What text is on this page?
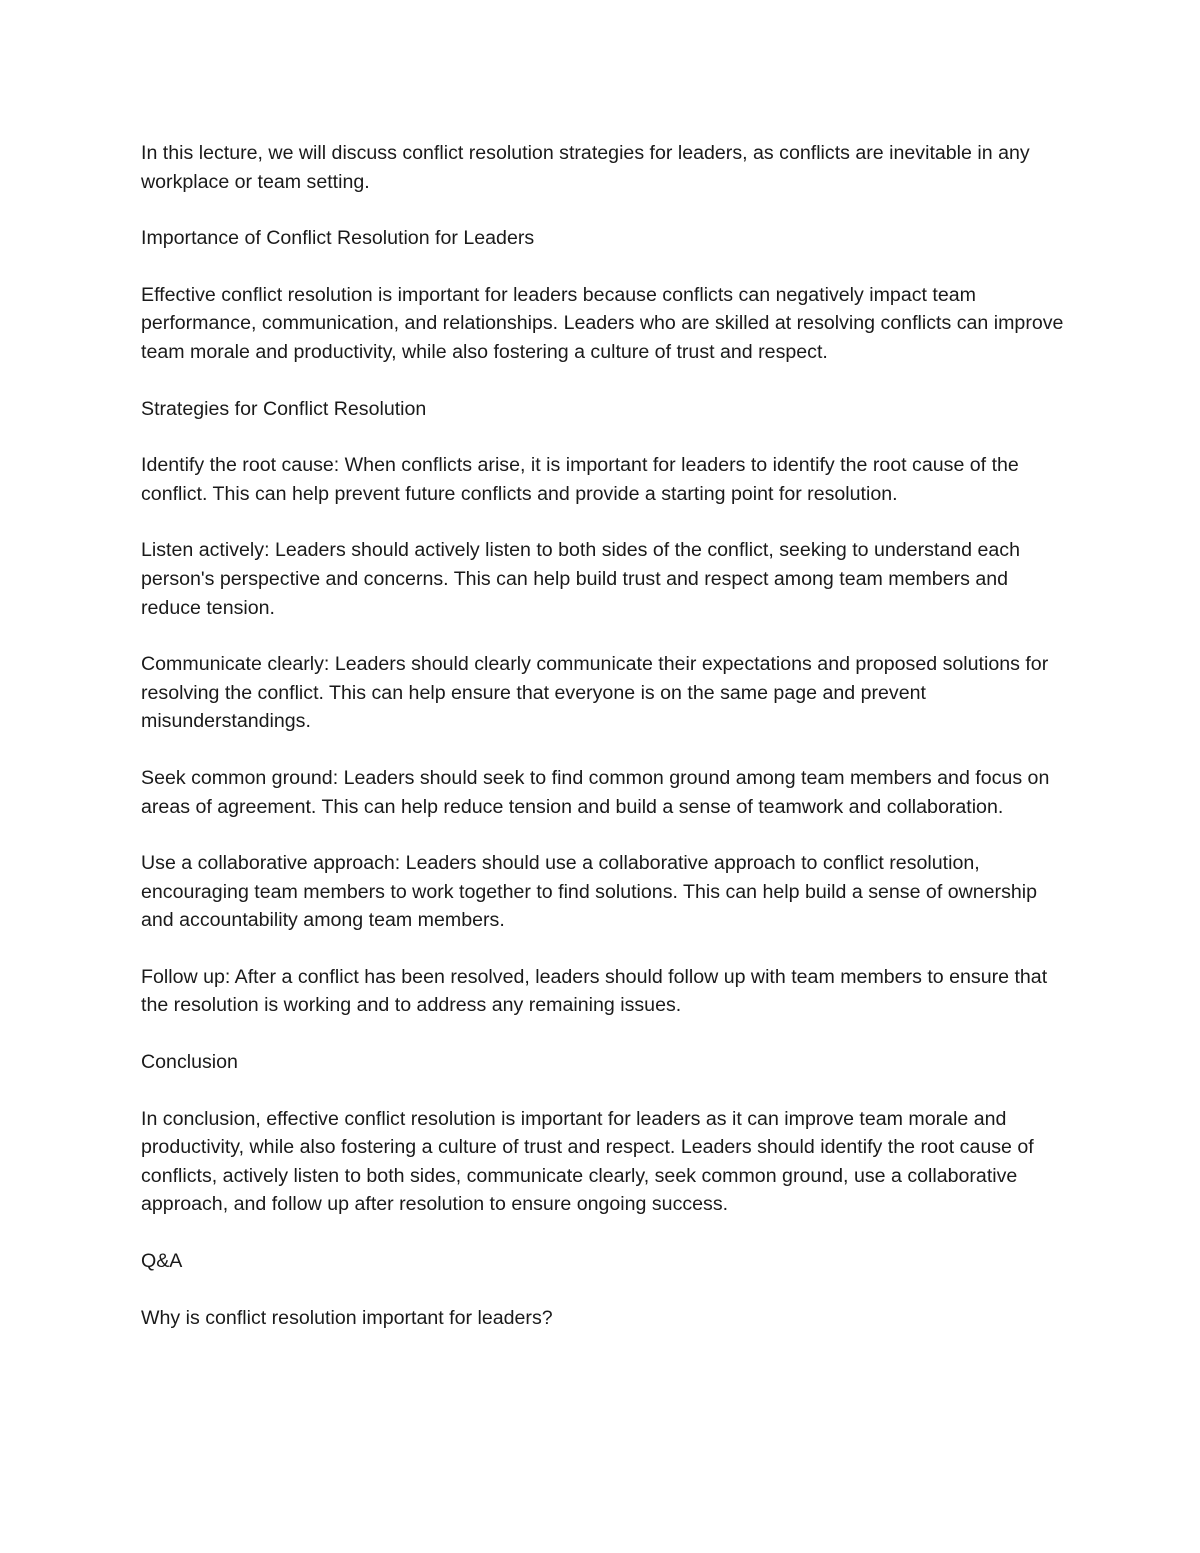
In this lecture, we will discuss conflict resolution strategies for leaders, as conflicts are inevitable in any workplace or team setting.

Importance of Conflict Resolution for Leaders

Effective conflict resolution is important for leaders because conflicts can negatively impact team performance, communication, and relationships. Leaders who are skilled at resolving conflicts can improve team morale and productivity, while also fostering a culture of trust and respect.

Strategies for Conflict Resolution

Identify the root cause: When conflicts arise, it is important for leaders to identify the root cause of the conflict. This can help prevent future conflicts and provide a starting point for resolution.

Listen actively: Leaders should actively listen to both sides of the conflict, seeking to understand each person's perspective and concerns. This can help build trust and respect among team members and reduce tension.

Communicate clearly: Leaders should clearly communicate their expectations and proposed solutions for resolving the conflict. This can help ensure that everyone is on the same page and prevent misunderstandings.

Seek common ground: Leaders should seek to find common ground among team members and focus on areas of agreement. This can help reduce tension and build a sense of teamwork and collaboration.

Use a collaborative approach: Leaders should use a collaborative approach to conflict resolution, encouraging team members to work together to find solutions. This can help build a sense of ownership and accountability among team members.

Follow up: After a conflict has been resolved, leaders should follow up with team members to ensure that the resolution is working and to address any remaining issues.

Conclusion

In conclusion, effective conflict resolution is important for leaders as it can improve team morale and productivity, while also fostering a culture of trust and respect. Leaders should identify the root cause of conflicts, actively listen to both sides, communicate clearly, seek common ground, use a collaborative approach, and follow up after resolution to ensure ongoing success.

Q&A

Why is conflict resolution important for leaders?
